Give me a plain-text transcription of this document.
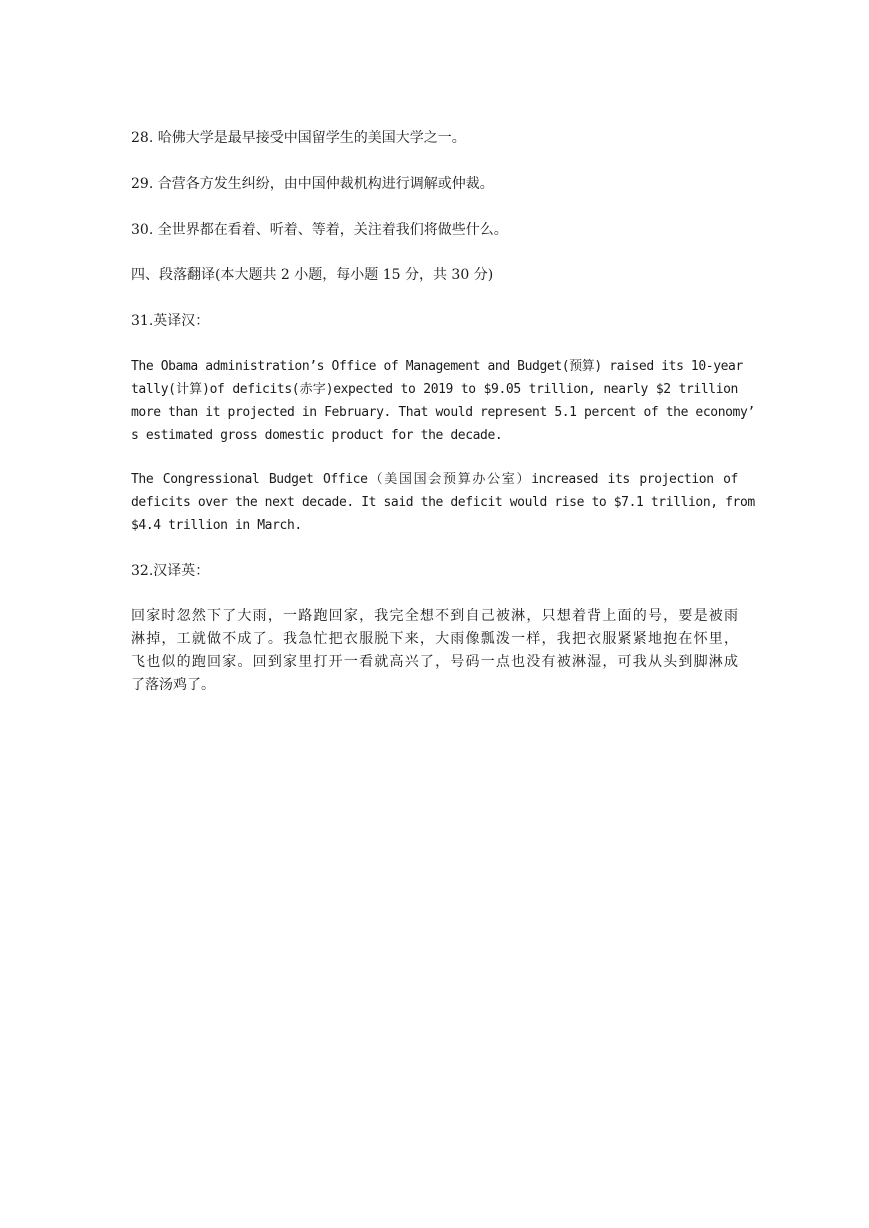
28. 哈佛大学是最早接受中国留学生的美国大学之一。
29. 合营各方发生纠纷，由中国仲裁机构进行调解或仲裁。
30. 全世界都在看着、听着、等着，关注着我们将做些什么。
四、段落翻译(本大题共 2 小题，每小题 15 分，共 30 分)
31.英译汉：
The Obama administration’s Office of Management and Budget(预算) raised its 10-year
tally(计算)of deficits(赤字)expected to 2019 to $9.05 trillion, nearly $2 trillion
more than it projected in February. That would represent 5.1 percent of the economy’
s estimated gross domestic product for the decade.
The Congressional Budget Office（美国国会预算办公室）increased its projection of
deficits over the next decade. It said the deficit would rise to $7.1 trillion, from
$4.4 trillion in March.
32.汉译英：
回家时忽然下了大雨，一路跑回家，我完全想不到自己被淋，只想着背上面的号，要是被雨
淋掉，工就做不成了。我急忙把衣服脱下来，大雨像瓢泼一样，我把衣服紧紧地抱在怀里，
飞也似的跑回家。回到家里打开一看就高兴了，号码一点也没有被淋湿，可我从头到脚淋成
了落汤鸡了。
